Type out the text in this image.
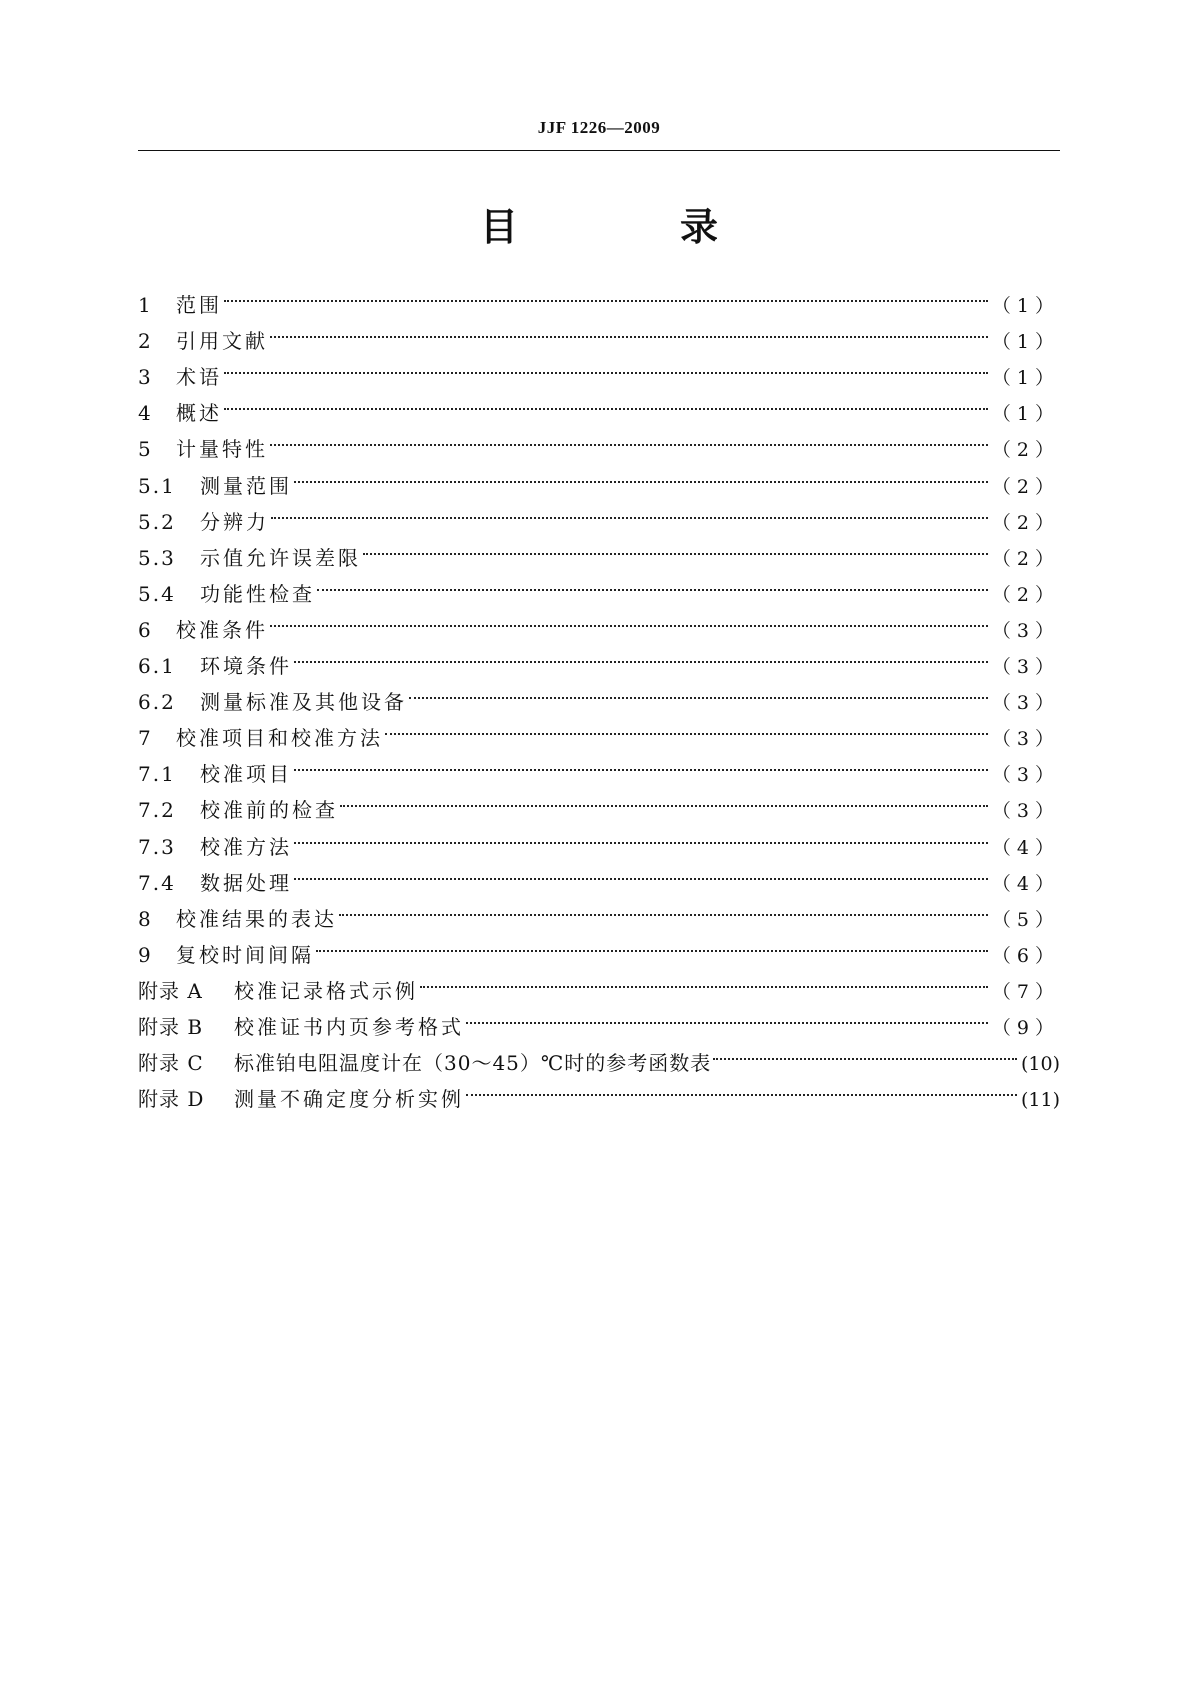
JJF 1226—2009
目　录
1	范围	（1）
2	引用文献	（1）
3	术语	（1）
4	概述	（1）
5	计量特性	（2）
5.1	测量范围	（2）
5.2	分辨力	（2）
5.3	示值允许误差限	（2）
5.4	功能性检查	（2）
6	校准条件	（3）
6.1	环境条件	（3）
6.2	测量标准及其他设备	（3）
7	校准项目和校准方法	（3）
7.1	校准项目	（3）
7.2	校准前的检查	（3）
7.3	校准方法	（4）
7.4	数据处理	（4）
8	校准结果的表达	（5）
9	复校时间间隔	（6）
附录 A	校准记录格式示例	（7）
附录 B	校准证书内页参考格式	（9）
附录 C	标准铂电阻温度计在（30～45）℃时的参考函数表	(10)
附录 D	测量不确定度分析实例	(11)
